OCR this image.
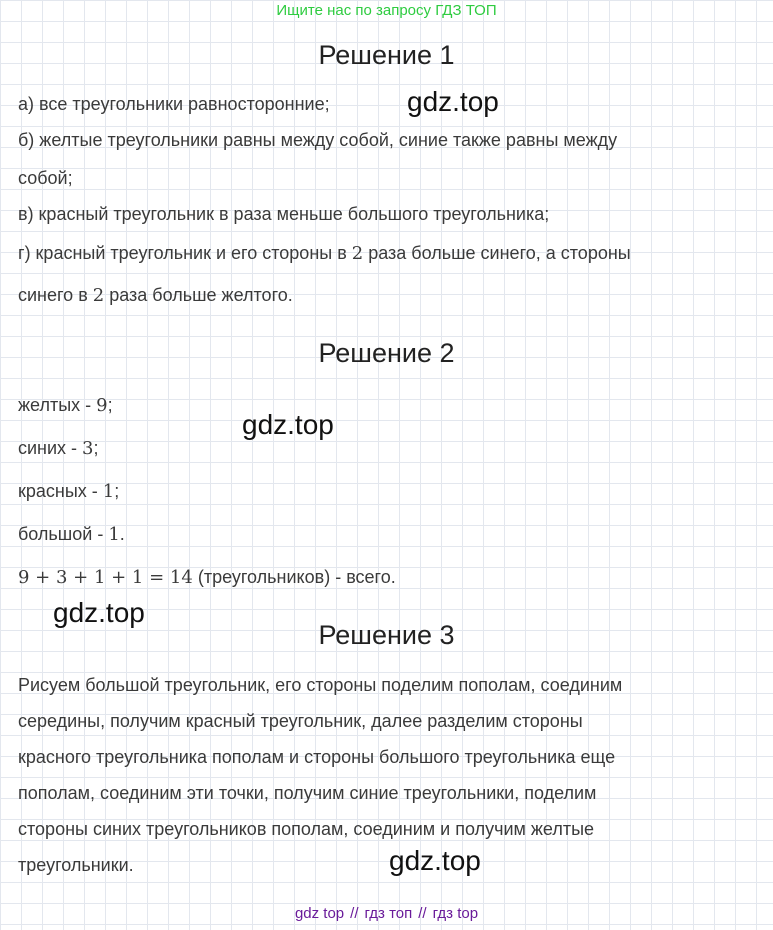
Ищите нас по запросу ГДЗ ТОП
Решение 1
а) все треугольники равносторонние;
б) желтые треугольники равны между собой, синие также равны между
собой;
в) красный треугольник в раза меньше большого треугольника;
г) красный треугольник и его стороны в 2 раза больше синего, а стороны
синего в 2 раза больше желтого.
Решение 2
желтых - 9;
синих - 3;
красных - 1;
большой - 1.
9 + 3 + 1 + 1 = 14 (треугольников) - всего.
Решение 3
Рисуем большой треугольник, его стороны поделим пополам, соединим
середины, получим красный треугольник, далее разделим стороны
красного треугольника пополам и стороны большого треугольника еще
пополам, соединим эти точки, получим синие треугольники, поделим
стороны синих треугольников пополам, соединим и получим желтые
треугольники.
gdz.top
gdz.top
gdz.top
gdz.top
gdz top // гдз топ // гдз top
